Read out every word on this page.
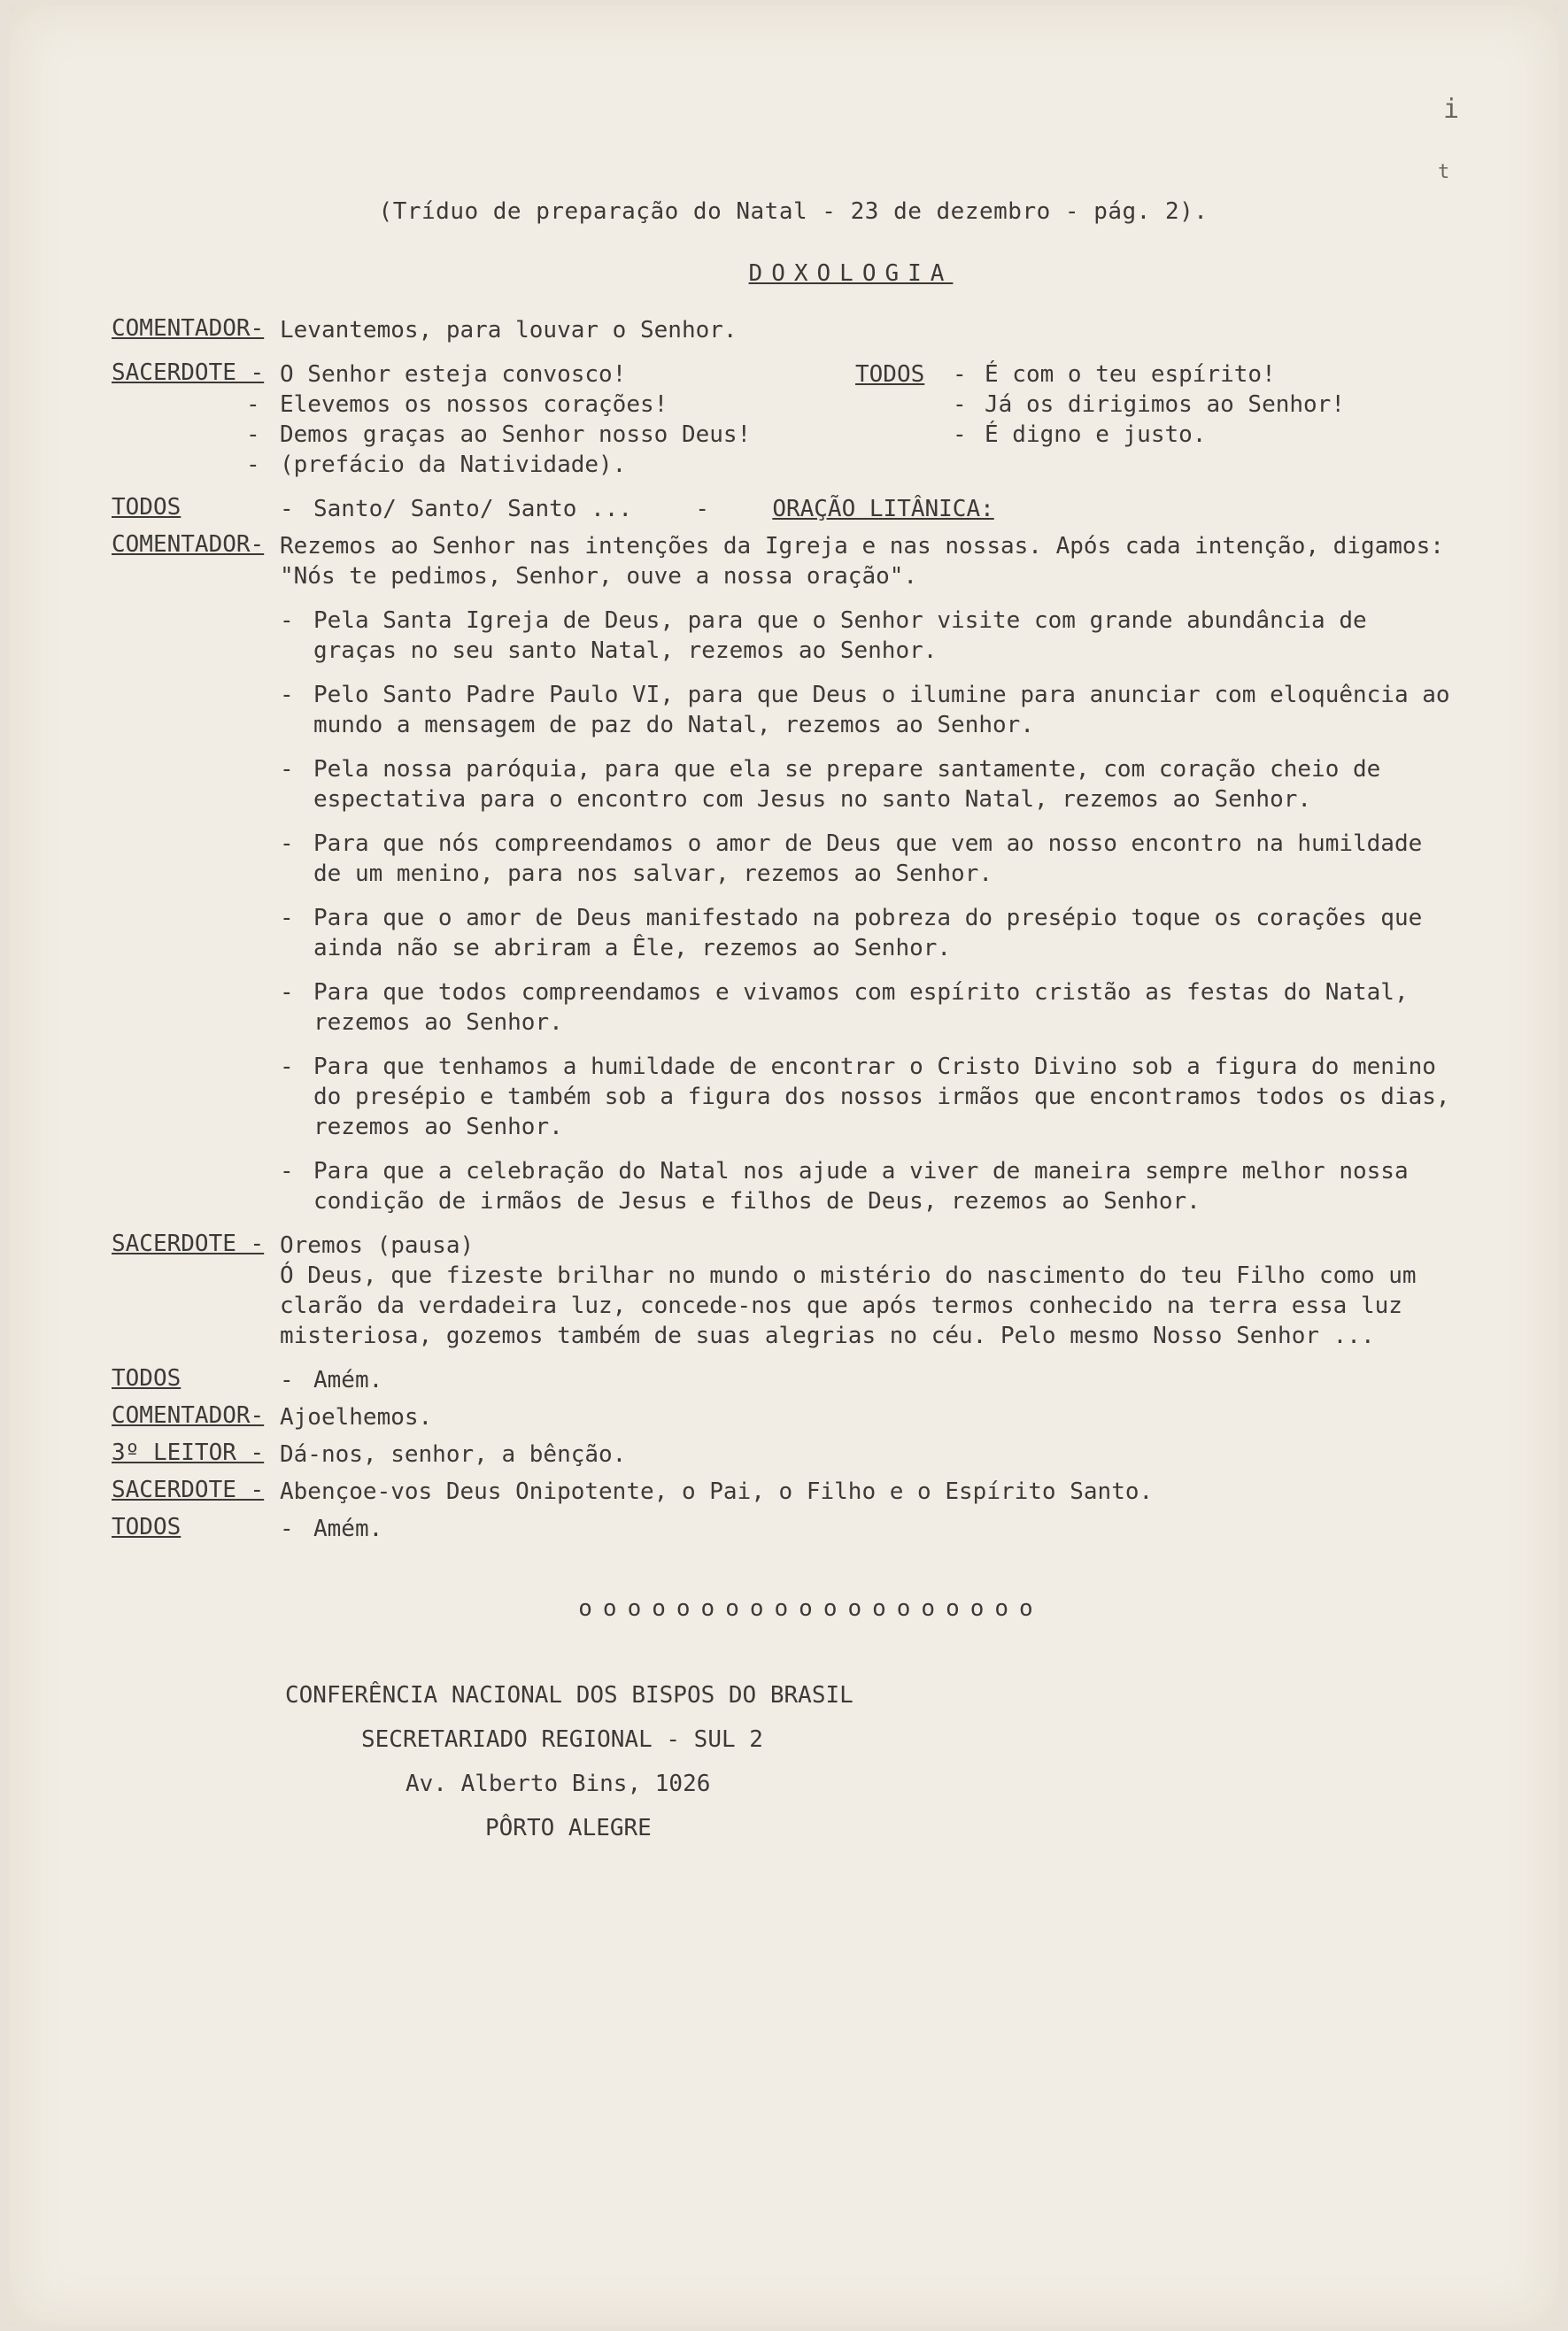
i
t
(Tríduo de preparação do Natal - 23 de dezembro - pág. 2).
DOXOLOGIA
COMENTADOR- Levantemos, para louvar o Senhor.
SACERDOTE - O Senhor esteja convosco!	TODOS	- É com o teu espírito!
- Elevemos os nossos corações!	- Já os dirigimos ao Senhor!
- Demos graças ao Senhor nosso Deus!	- É digno e justo.
- (prefácio da Natividade).
TODOS	- Santo/ Santo/ Santo ...	-	ORAÇÃO LITÂNICA:
COMENTADOR- Rezemos ao Senhor nas intenções da Igreja e nas nossas. Após cada intenção, digamos: "Nós te pedimos, Senhor, ouve a nossa oração".
- Pela Santa Igreja de Deus, para que o Senhor visite com grande abundância de graças no seu santo Natal, rezemos ao Senhor.
- Pelo Santo Padre Paulo VI, para que Deus o ilumine para anunciar com eloquência ao mundo a mensagem de paz do Natal, rezemos ao Senhor.
- Pela nossa paróquia, para que ela se prepare santamente, com coração cheio de espectativa para o encontro com Jesus no santo Natal, rezemos ao Senhor.
- Para que nós compreendamos o amor de Deus que vem ao nosso encontro na humildade de um menino, para nos salvar, rezemos ao Senhor.
- Para que o amor de Deus manifestado na pobreza do presépio toque os corações que ainda não se abriram a Êle, rezemos ao Senhor.
- Para que todos compreendamos e vivamos com espírito cristão as festas do Natal, rezemos ao Senhor.
- Para que tenhamos a humildade de encontrar o Cristo Divino sob a figura do menino do presépio e também sob a figura dos nossos irmãos que encontramos todos os dias, rezemos ao Senhor.
- Para que a celebração do Natal nos ajude a viver de maneira sempre melhor nossa condição de irmãos de Jesus e filhos de Deus, rezemos ao Senhor.
SACERDOTE - Oremos (pausa)
Ó Deus, que fizeste brilhar no mundo o mistério do nascimento do teu Filho como um clarão da verdadeira luz, concede-nos que após termos conhecido na terra essa luz misteriosa, gozemos também de suas alegrias no céu. Pelo mesmo Nosso Senhor ...
TODOS	- Amém.
COMENTADOR- Ajoelhemos.
3º LEITOR - Dá-nos, senhor, a bênção.
SACERDOTE - Abençoe-vos Deus Onipotente, o Pai, o Filho e o Espírito Santo.
TODOS	- Amém.
ooooooooooooooooooo
CONFERÊNCIA NACIONAL DOS BISPOS DO BRASIL
SECRETARIADO REGIONAL - SUL 2
Av. Alberto Bins, 1026
PÔRTO ALEGRE
